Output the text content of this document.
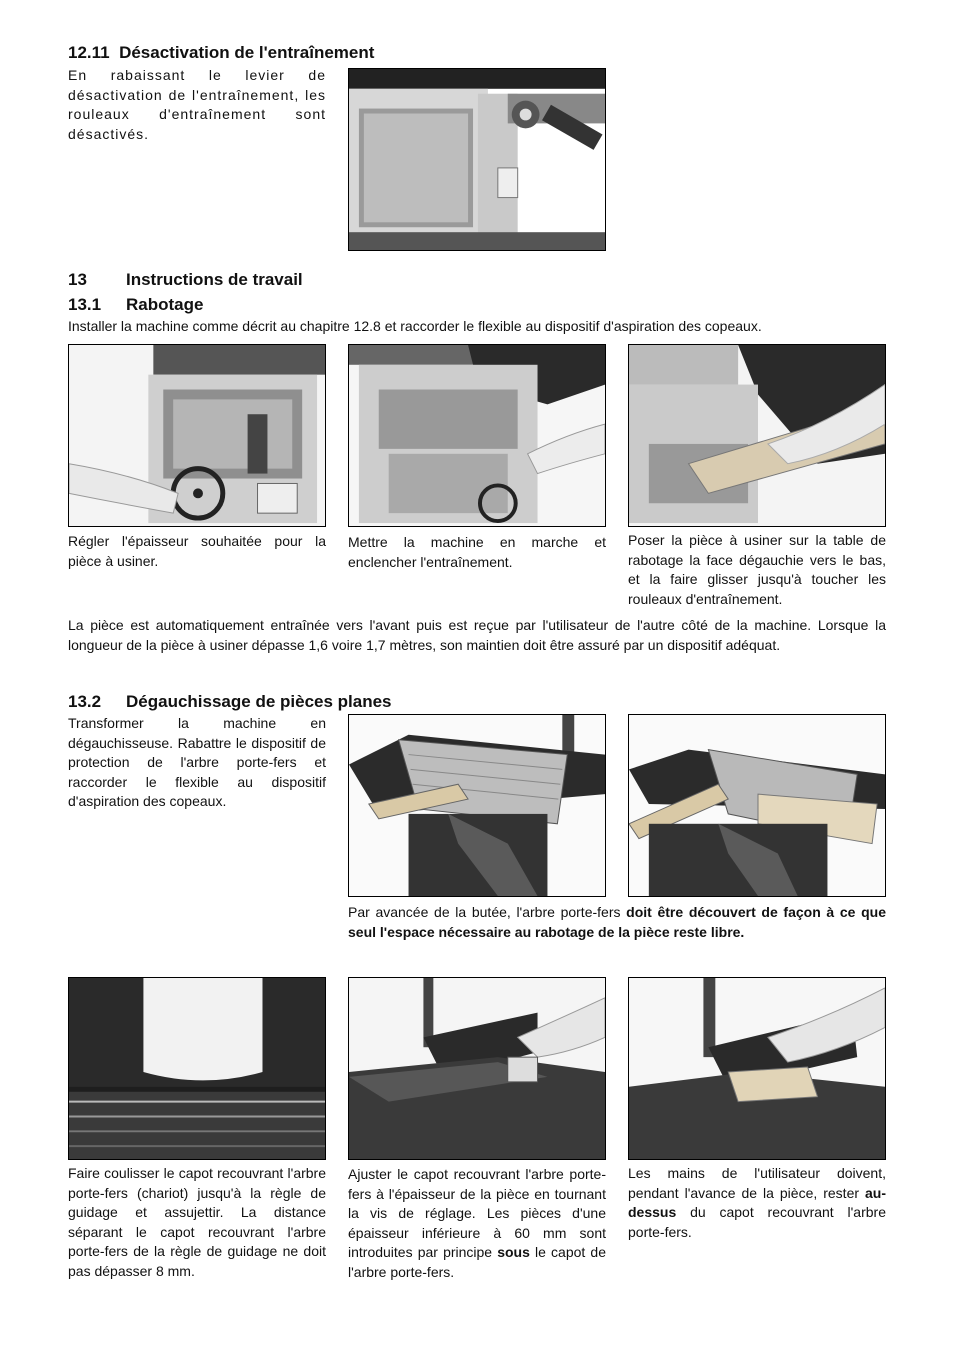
12.11 Désactivation de l'entraînement

En rabaissant le levier de désactivation de l'entraînement, les rouleaux d'entraînement sont désactivés.

13 Instructions de travail
13.1 Rabotage

Installer la machine comme décrit au chapitre 12.8 et raccorder le flexible au dispositif d'aspiration des copeaux.

Régler l'épaisseur souhaitée pour la pièce à usiner.

Mettre la machine en marche et enclencher l'entraînement.

Poser la pièce à usiner sur la table de rabotage la face dégauchie vers le bas, et la faire glisser jusqu'à toucher les rouleaux d'entraînement.

La pièce est automatiquement entraînée vers l'avant puis est reçue par l'utilisateur de l'autre côté de la machine. Lorsque la longueur de la pièce à usiner dépasse 1,6 voire 1,7 mètres, son maintien doit être assuré par un dispositif adéquat.

13.2 Dégauchissage de pièces planes

Transformer la machine en dégauchisseuse. Rabattre le dispositif de protection de l'arbre porte-fers et raccorder le flexible au dispositif d'aspiration des copeaux.

Par avancée de la butée, l'arbre porte-fers doit être découvert de façon à ce que seul l'espace nécessaire au rabotage de la pièce reste libre.

Faire coulisser le capot recouvrant l'arbre porte-fers (chariot) jusqu'à la règle de guidage et assujettir. La distance séparant le capot recouvrant l'arbre porte-fers de la règle de guidage ne doit pas dépasser 8 mm.

Ajuster le capot recouvrant l'arbre porte-fers à l'épaisseur de la pièce en tournant la vis de réglage. Les pièces d'une épaisseur inférieure à 60 mm sont introduites par principe sous le capot de l'arbre porte-fers.

Les mains de l'utilisateur doivent, pendant l'avance de la pièce, rester au-dessus du capot recouvrant l'arbre porte-fers.
